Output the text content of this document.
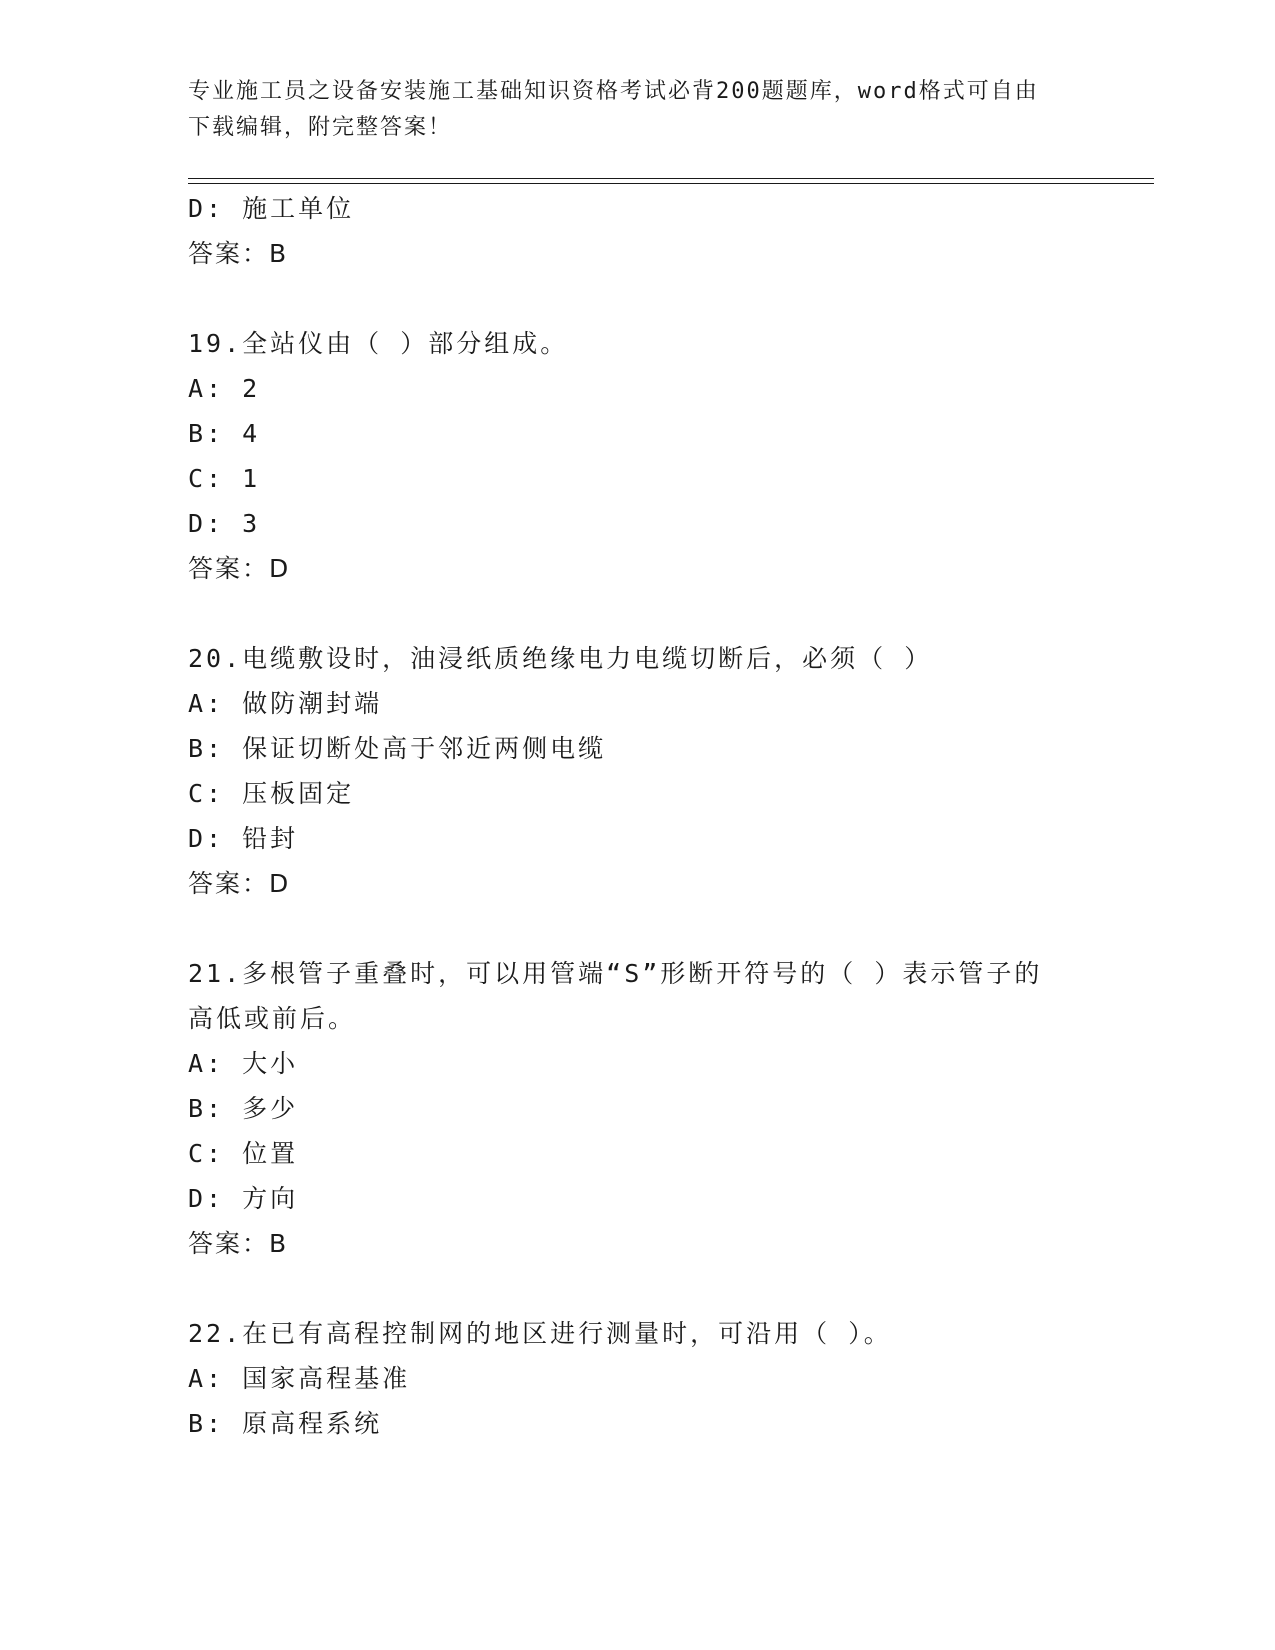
专业施工员之设备安装施工基础知识资格考试必背200题题库，word格式可自由
下载编辑，附完整答案！
D: 施工单位
答案：B
19.全站仪由（ ）部分组成。
A: 2
B: 4
C: 1
D: 3
答案：D
20.电缆敷设时，油浸纸质绝缘电力电缆切断后，必须（ ）
A: 做防潮封端
B: 保证切断处高于邻近两侧电缆
C: 压板固定
D: 铅封
答案：D
21.多根管子重叠时，可以用管端“S”形断开符号的（ ）表示管子的
高低或前后。
A: 大小
B: 多少
C: 位置
D: 方向
答案：B
22.在已有高程控制网的地区进行测量时，可沿用（ ）。
A: 国家高程基准
B: 原高程系统
